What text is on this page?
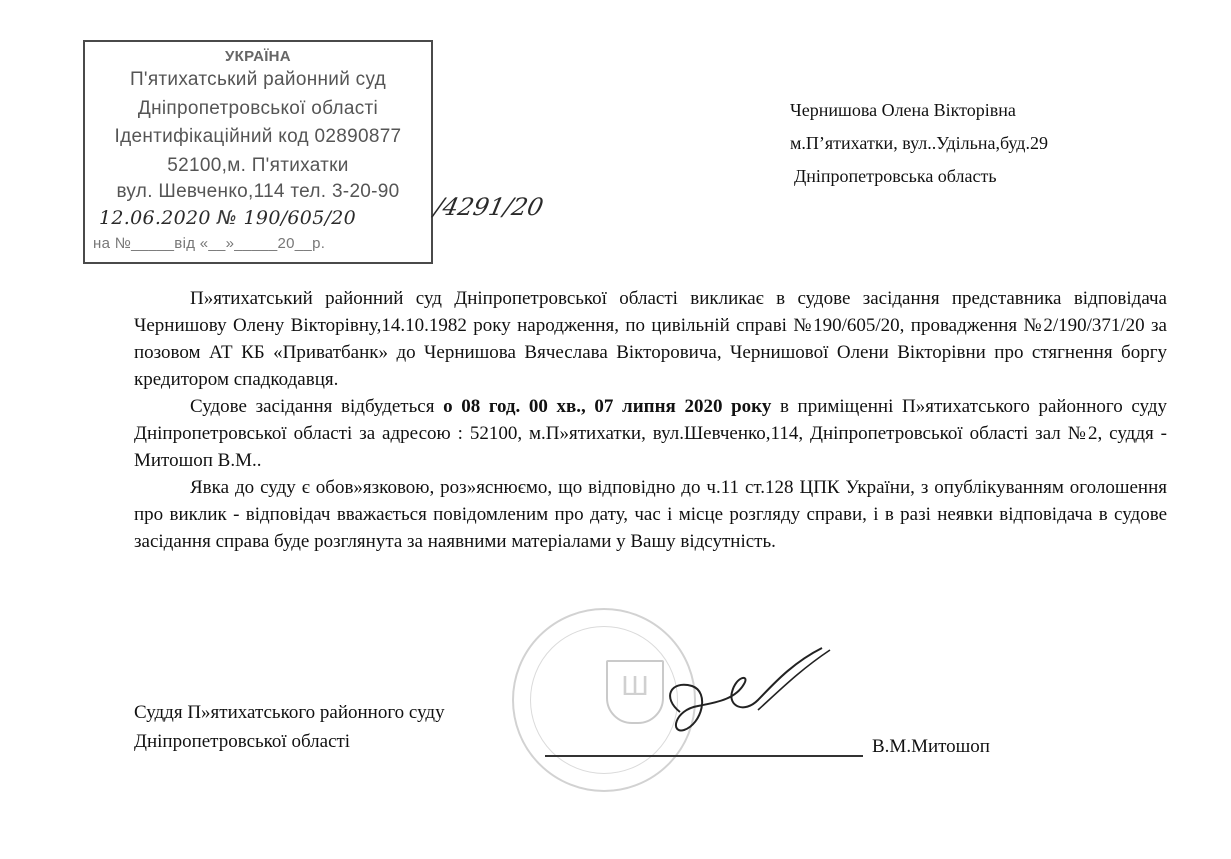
УКРАЇНА
П'ятихатський районний суд
Дніпропетровської області
Ідентифікаційний код 02890877
52100,м. П'ятихатки
вул. Шевченко,114 тел. 3-20-90
12.06.2020 № 190/605/20
на №_____від «__»_____20__р.
/4291/20
Чернишова Олена Вікторівна
м.П’ятихатки, вул..Удільна,буд.29
Дніпропетровська область

П»ятихатський районний суд Дніпропетровської області викликає в судове засідання представника відповідача Чернишову Олену Вікторівну,14.10.1982 року народження, по цивільній справі №190/605/20, провадження №2/190/371/20 за позовом АТ КБ «Приватбанк» до Чернишова Вячеслава Вікторовича, Чернишової Олени Вікторівни про стягнення боргу кредитором спадкодавця.

Судове засідання відбудеться о 08 год. 00 хв., 07 липня 2020 року в приміщенні П»ятихатського районного суду Дніпропетровської області за адресою : 52100, м.П»ятихатки, вул.Шевченко,114, Дніпропетровської області зал №2, суддя - Митошоп В.М..

Явка до суду є обов»язковою, роз»яснюємо, що відповідно до ч.11 ст.128 ЦПК України, з опублікуванням оголошення про виклик - відповідач вважається повідомленим про дату, час і місце розгляду справи, і в разі неявки відповідача в судове засідання справа буде розглянута за наявними матеріалами у Вашу відсутність.

Ш
Суддя П»ятихатського районного суду
Дніпропетровської області	В.М.Митошоп
